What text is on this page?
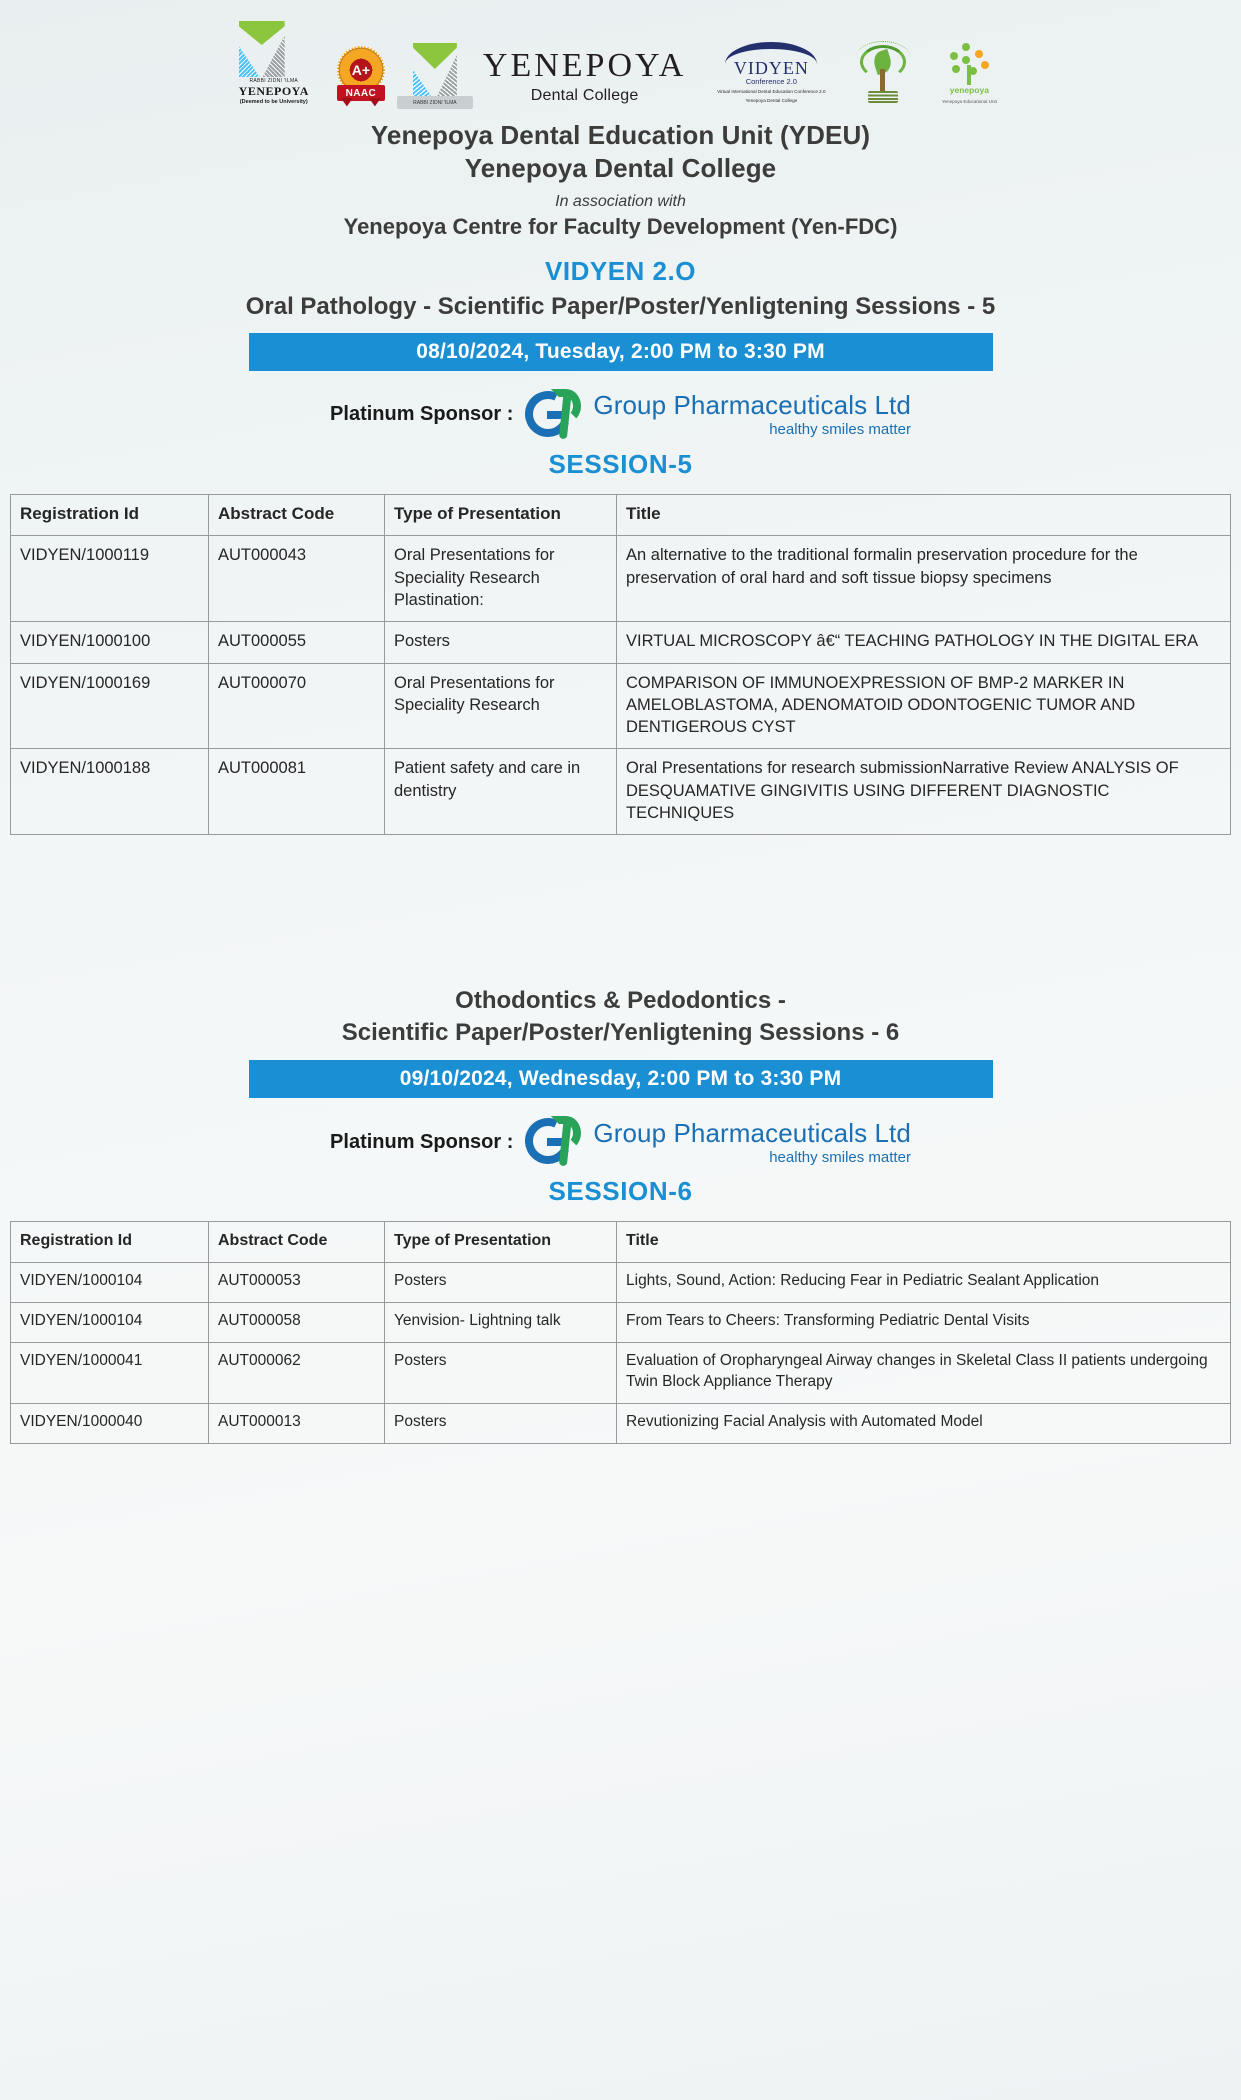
RABBI ZIDNI 'ILMA
YENEPOYA
(Deemed to be University)
A+
NAAC
RABBI ZIDNI 'ILMA
YENEPOYA
Dental College
VIDYEN
Conference 2.0
Virtual International Dental Education Conference 2.0
Yenepoya Dental College
yenepoya
Yenepoya Educational Unit
Yenepoya Dental Education Unit (YDEU)
Yenepoya Dental College
In association with
Yenepoya Centre for Faculty Development (Yen-FDC)
VIDYEN 2.O
Oral Pathology - Scientific Paper/Poster/Yenligtening Sessions - 5
08/10/2024, Tuesday, 2:00 PM to 3:30 PM
Platinum Sponsor :	Group Pharmaceuticals Ltd
healthy smiles matter
SESSION-5
Registration Id	Abstract Code	Type of Presentation	Title
VIDYEN/1000119	AUT000043	Oral Presentations for Speciality Research Plastination:	An alternative to the traditional formalin preservation procedure for the preservation of oral hard and soft tissue biopsy specimens
VIDYEN/1000100	AUT000055	Posters	VIRTUAL MICROSCOPY â€“ TEACHING PATHOLOGY IN THE DIGITAL ERA
VIDYEN/1000169	AUT000070	Oral Presentations for Speciality Research	COMPARISON OF IMMUNOEXPRESSION OF BMP-2 MARKER IN AMELOBLASTOMA, ADENOMATOID ODONTOGENIC TUMOR AND DENTIGEROUS CYST
VIDYEN/1000188	AUT000081	Patient safety and care in dentistry	Oral Presentations for research submissionNarrative Review ANALYSIS OF DESQUAMATIVE GINGIVITIS USING DIFFERENT DIAGNOSTIC TECHNIQUES
Othodontics & Pedodontics -
Scientific Paper/Poster/Yenligtening Sessions - 6
09/10/2024, Wednesday, 2:00 PM to 3:30 PM
Platinum Sponsor :	Group Pharmaceuticals Ltd
healthy smiles matter
SESSION-6
Registration Id	Abstract Code	Type of Presentation	Title
VIDYEN/1000104	AUT000053	Posters	Lights, Sound, Action: Reducing Fear in Pediatric Sealant Application
VIDYEN/1000104	AUT000058	Yenvision- Lightning talk	From Tears to Cheers: Transforming Pediatric Dental Visits
VIDYEN/1000041	AUT000062	Posters	Evaluation of Oropharyngeal Airway changes in Skeletal Class II patients undergoing Twin Block Appliance Therapy
VIDYEN/1000040	AUT000013	Posters	Revutionizing Facial Analysis with Automated Model
